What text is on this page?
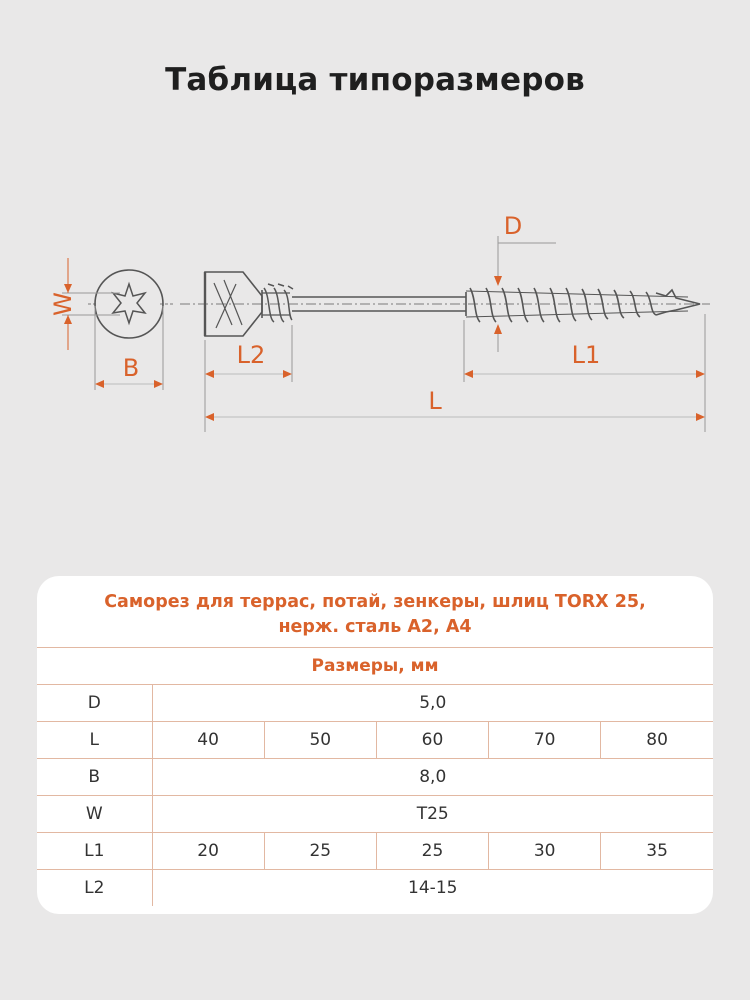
Таблица типоразмеров
W
B
D
L2	L1
L
Саморез для террас, потай, зенкеры, шлиц TORX 25,
нерж. сталь A2, A4
Размеры, мм					
D	5,0				
L	40	50	60	70	80
B	8,0				
W	T25				
L1	20	25	25	30	35
L2	14-15				
